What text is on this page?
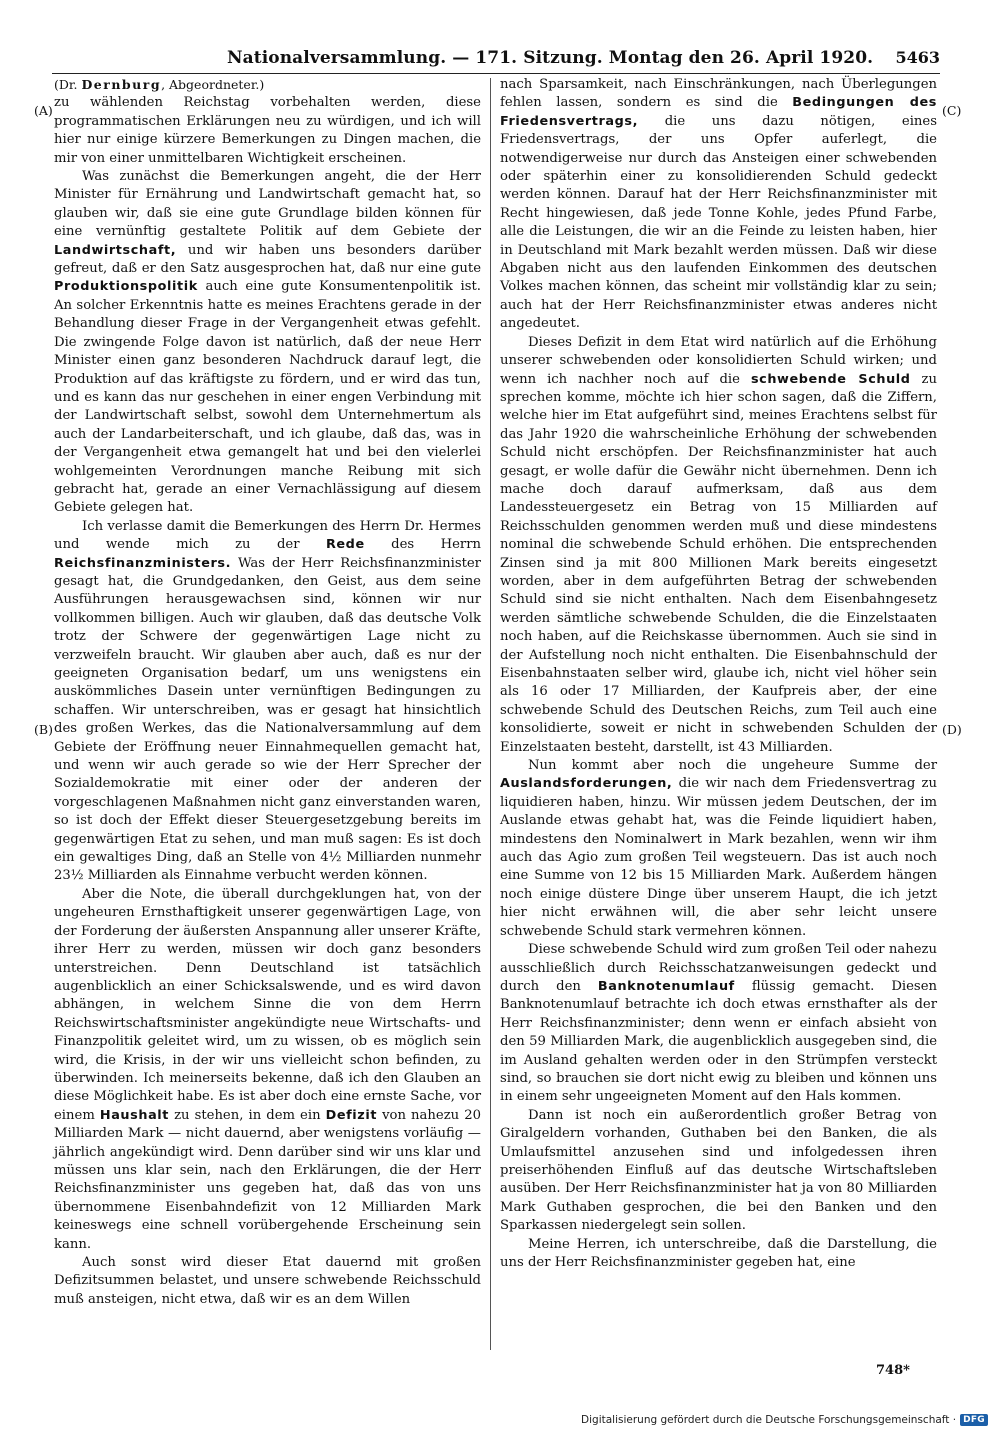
Nationalversammlung. — 171. Sitzung. Montag den 26. April 1920. 5463
(A)
(B)
(C)
(D)

(Dr. Dernburg, Abgeordneter.)

zu wählenden Reichstag vorbehalten werden, diese programmatischen Erklärungen neu zu würdigen, und ich will hier nur einige kürzere Bemerkungen zu Dingen machen, die mir von einer unmittelbaren Wichtigkeit erscheinen.

Was zunächst die Bemerkungen angeht, die der Herr Minister für Ernährung und Landwirtschaft gemacht hat, so glauben wir, daß sie eine gute Grundlage bilden können für eine vernünftig gestaltete Politik auf dem Gebiete der Landwirtschaft, und wir haben uns besonders darüber gefreut, daß er den Satz ausgesprochen hat, daß nur eine gute Produktionspolitik auch eine gute Konsumentenpolitik ist. An solcher Erkenntnis hatte es meines Erachtens gerade in der Behandlung dieser Frage in der Vergangenheit etwas gefehlt. Die zwingende Folge davon ist natürlich, daß der neue Herr Minister einen ganz besonderen Nachdruck darauf legt, die Produktion auf das kräftigste zu fördern, und er wird das tun, und es kann das nur geschehen in einer engen Verbindung mit der Landwirtschaft selbst, sowohl dem Unternehmertum als auch der Landarbeiterschaft, und ich glaube, daß das, was in der Vergangenheit etwa gemangelt hat und bei den vielerlei wohlgemeinten Verordnungen manche Reibung mit sich gebracht hat, gerade an einer Vernachlässigung auf diesem Gebiete gelegen hat.

Ich verlasse damit die Bemerkungen des Herrn Dr. Hermes und wende mich zu der Rede des Herrn Reichsfinanzministers. Was der Herr Reichsfinanzminister gesagt hat, die Grundgedanken, den Geist, aus dem seine Ausführungen herausgewachsen sind, können wir nur vollkommen billigen. Auch wir glauben, daß das deutsche Volk trotz der Schwere der gegenwärtigen Lage nicht zu verzweifeln braucht. Wir glauben aber auch, daß es nur der geeigneten Organisation bedarf, um uns wenigstens ein auskömmliches Dasein unter vernünftigen Bedingungen zu schaffen. Wir unterschreiben, was er gesagt hat hinsichtlich des großen Werkes, das die Nationalversammlung auf dem Gebiete der Eröffnung neuer Einnahmequellen gemacht hat, und wenn wir auch gerade so wie der Herr Sprecher der Sozialdemokratie mit einer oder der anderen der vorgeschlagenen Maßnahmen nicht ganz einverstanden waren, so ist doch der Effekt dieser Steuergesetzgebung bereits im gegenwärtigen Etat zu sehen, und man muß sagen: Es ist doch ein gewaltiges Ding, daß an Stelle von 4½ Milliarden nunmehr 23½ Milliarden als Einnahme verbucht werden können.

Aber die Note, die überall durchgeklungen hat, von der ungeheuren Ernsthaftigkeit unserer gegenwärtigen Lage, von der Forderung der äußersten Anspannung aller unserer Kräfte, ihrer Herr zu werden, müssen wir doch ganz besonders unterstreichen. Denn Deutschland ist tatsächlich augenblicklich an einer Schicksalswende, und es wird davon abhängen, in welchem Sinne die von dem Herrn Reichswirtschaftsminister angekündigte neue Wirtschafts- und Finanzpolitik geleitet wird, um zu wissen, ob es möglich sein wird, die Krisis, in der wir uns vielleicht schon befinden, zu überwinden. Ich meinerseits bekenne, daß ich den Glauben an diese Möglichkeit habe. Es ist aber doch eine ernste Sache, vor einem Haushalt zu stehen, in dem ein Defizit von nahezu 20 Milliarden Mark — nicht dauernd, aber wenigstens vorläufig — jährlich angekündigt wird. Denn darüber sind wir uns klar und müssen uns klar sein, nach den Erklärungen, die der Herr Reichsfinanzminister uns gegeben hat, daß das von uns übernommene Eisenbahndefizit von 12 Milliarden Mark keineswegs eine schnell vorübergehende Erscheinung sein kann.

Auch sonst wird dieser Etat dauernd mit großen Defizitsummen belastet, und unsere schwebende Reichsschuld muß ansteigen, nicht etwa, daß wir es an dem Willen

nach Sparsamkeit, nach Einschränkungen, nach Überlegungen fehlen lassen, sondern es sind die Bedingungen des Friedensvertrags, die uns dazu nötigen, eines Friedensvertrags, der uns Opfer auferlegt, die notwendigerweise nur durch das Ansteigen einer schwebenden oder späterhin einer zu konsolidierenden Schuld gedeckt werden können. Darauf hat der Herr Reichsfinanzminister mit Recht hingewiesen, daß jede Tonne Kohle, jedes Pfund Farbe, alle die Leistungen, die wir an die Feinde zu leisten haben, hier in Deutschland mit Mark bezahlt werden müssen. Daß wir diese Abgaben nicht aus den laufenden Einkommen des deutschen Volkes machen können, das scheint mir vollständig klar zu sein; auch hat der Herr Reichsfinanzminister etwas anderes nicht angedeutet.

Dieses Defizit in dem Etat wird natürlich auf die Erhöhung unserer schwebenden oder konsolidierten Schuld wirken; und wenn ich nachher noch auf die schwebende Schuld zu sprechen komme, möchte ich hier schon sagen, daß die Ziffern, welche hier im Etat aufgeführt sind, meines Erachtens selbst für das Jahr 1920 die wahrscheinliche Erhöhung der schwebenden Schuld nicht erschöpfen. Der Reichsfinanzminister hat auch gesagt, er wolle dafür die Gewähr nicht übernehmen. Denn ich mache doch darauf aufmerksam, daß aus dem Landessteuergesetz ein Betrag von 15 Milliarden auf Reichsschulden genommen werden muß und diese mindestens nominal die schwebende Schuld erhöhen. Die entsprechenden Zinsen sind ja mit 800 Millionen Mark bereits eingesetzt worden, aber in dem aufgeführten Betrag der schwebenden Schuld sind sie nicht enthalten. Nach dem Eisenbahngesetz werden sämtliche schwebende Schulden, die die Einzelstaaten noch haben, auf die Reichskasse übernommen. Auch sie sind in der Aufstellung noch nicht enthalten. Die Eisenbahnschuld der Eisenbahnstaaten selber wird, glaube ich, nicht viel höher sein als 16 oder 17 Milliarden, der Kaufpreis aber, der eine schwebende Schuld des Deutschen Reichs, zum Teil auch eine konsolidierte, soweit er nicht in schwebenden Schulden der Einzelstaaten besteht, darstellt, ist 43 Milliarden.

Nun kommt aber noch die ungeheure Summe der Auslandsforderungen, die wir nach dem Friedensvertrag zu liquidieren haben, hinzu. Wir müssen jedem Deutschen, der im Auslande etwas gehabt hat, was die Feinde liquidiert haben, mindestens den Nominalwert in Mark bezahlen, wenn wir ihm auch das Agio zum großen Teil wegsteuern. Das ist auch noch eine Summe von 12 bis 15 Milliarden Mark. Außerdem hängen noch einige düstere Dinge über unserem Haupt, die ich jetzt hier nicht erwähnen will, die aber sehr leicht unsere schwebende Schuld stark vermehren können.

Diese schwebende Schuld wird zum großen Teil oder nahezu ausschließlich durch Reichsschatzanweisungen gedeckt und durch den Banknotenumlauf flüssig gemacht. Diesen Banknotenumlauf betrachte ich doch etwas ernsthafter als der Herr Reichsfinanzminister; denn wenn er einfach absieht von den 59 Milliarden Mark, die augenblicklich ausgegeben sind, die im Ausland gehalten werden oder in den Strümpfen versteckt sind, so brauchen sie dort nicht ewig zu bleiben und können uns in einem sehr ungeeigneten Moment auf den Hals kommen.

Dann ist noch ein außerordentlich großer Betrag von Giralgeldern vorhanden, Guthaben bei den Banken, die als Umlaufsmittel anzusehen sind und infolgedessen ihren preiserhöhenden Einfluß auf das deutsche Wirtschaftsleben ausüben. Der Herr Reichsfinanzminister hat ja von 80 Milliarden Mark Guthaben gesprochen, die bei den Banken und den Sparkassen niedergelegt sein sollen.

Meine Herren, ich unterschreibe, daß die Darstellung, die uns der Herr Reichsfinanzminister gegeben hat, eine

748*
Digitalisierung gefördert durch die Deutsche Forschungsgemeinschaft · DFG
